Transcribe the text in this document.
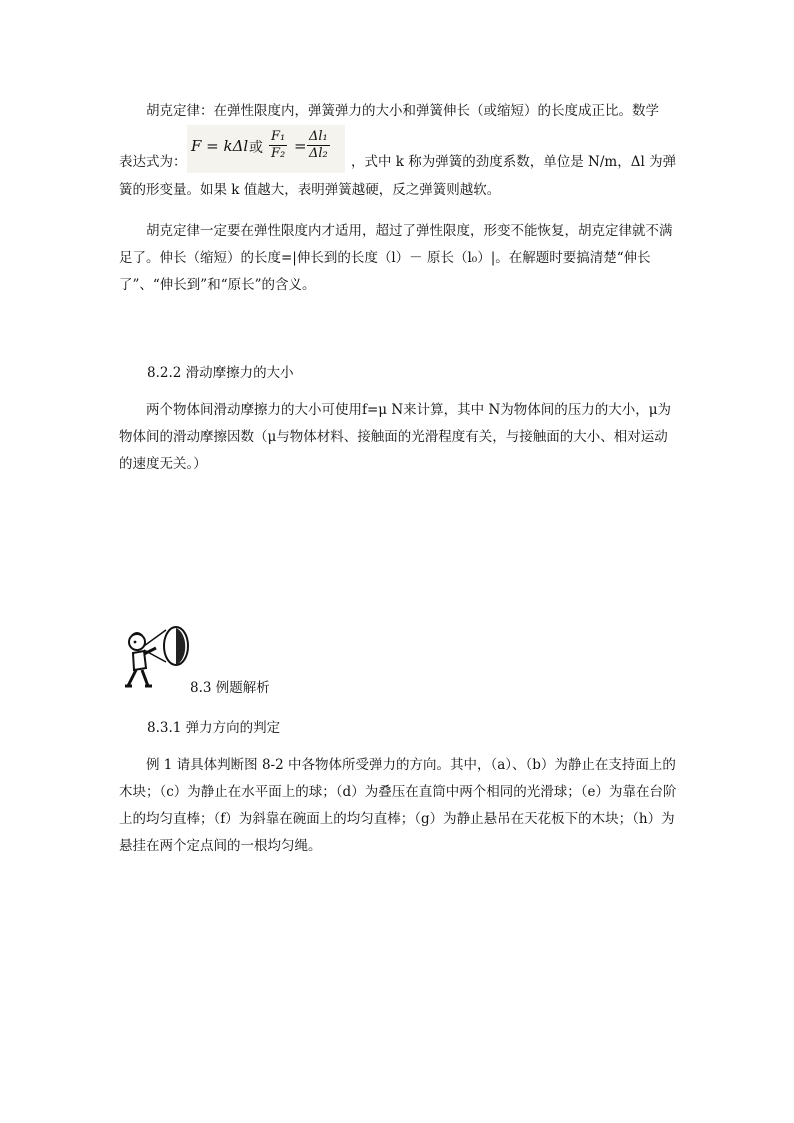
胡克定律：在弹性限度内，弹簧弹力的大小和弹簧伸长（或缩短）的长度成正比。数学

表达式为：
F = kΔl 或 $\frac{\text{F₁}}{\text{F₂}} = \frac{\text{Δl₁}}{\text{Δl₂}}$ ，式中 k 称为弹簧的劲度系数，单位是 N/m，Δl 为弹

簧的形变量。如果 k 值越大，表明弹簧越硬，反之弹簧则越软。

胡克定律一定要在弹性限度内才适用，超过了弹性限度，形变不能恢复，胡克定律就不满足了。伸长（缩短）的长度=|伸长到的长度（l）－ 原长（l₀）|。在解题时要搞清楚“伸长了”、“伸长到”和“原长”的含义。

8.2.2 滑动摩擦力的大小

两个物体间滑动摩擦力的大小可使用f=μ N来计算，其中 N为物体间的压力的大小，μ为物体间的滑动摩擦因数（μ与物体材料、接触面的光滑程度有关，与接触面的大小、相对运动的速度无关。）

8.3 例题解析
8.3.1 弹力方向的判定

例 1 请具体判断图 8-2 中各物体所受弹力的方向。其中，（a）、（b）为静止在支持面上的木块；（c）为静止在水平面上的球；（d）为叠压在直筒中两个相同的光滑球；（e）为靠在台阶上的均匀直棒；（f）为斜靠在碗面上的均匀直棒；（g）为静止悬吊在天花板下的木块；（h）为悬挂在两个定点间的一根均匀绳。
